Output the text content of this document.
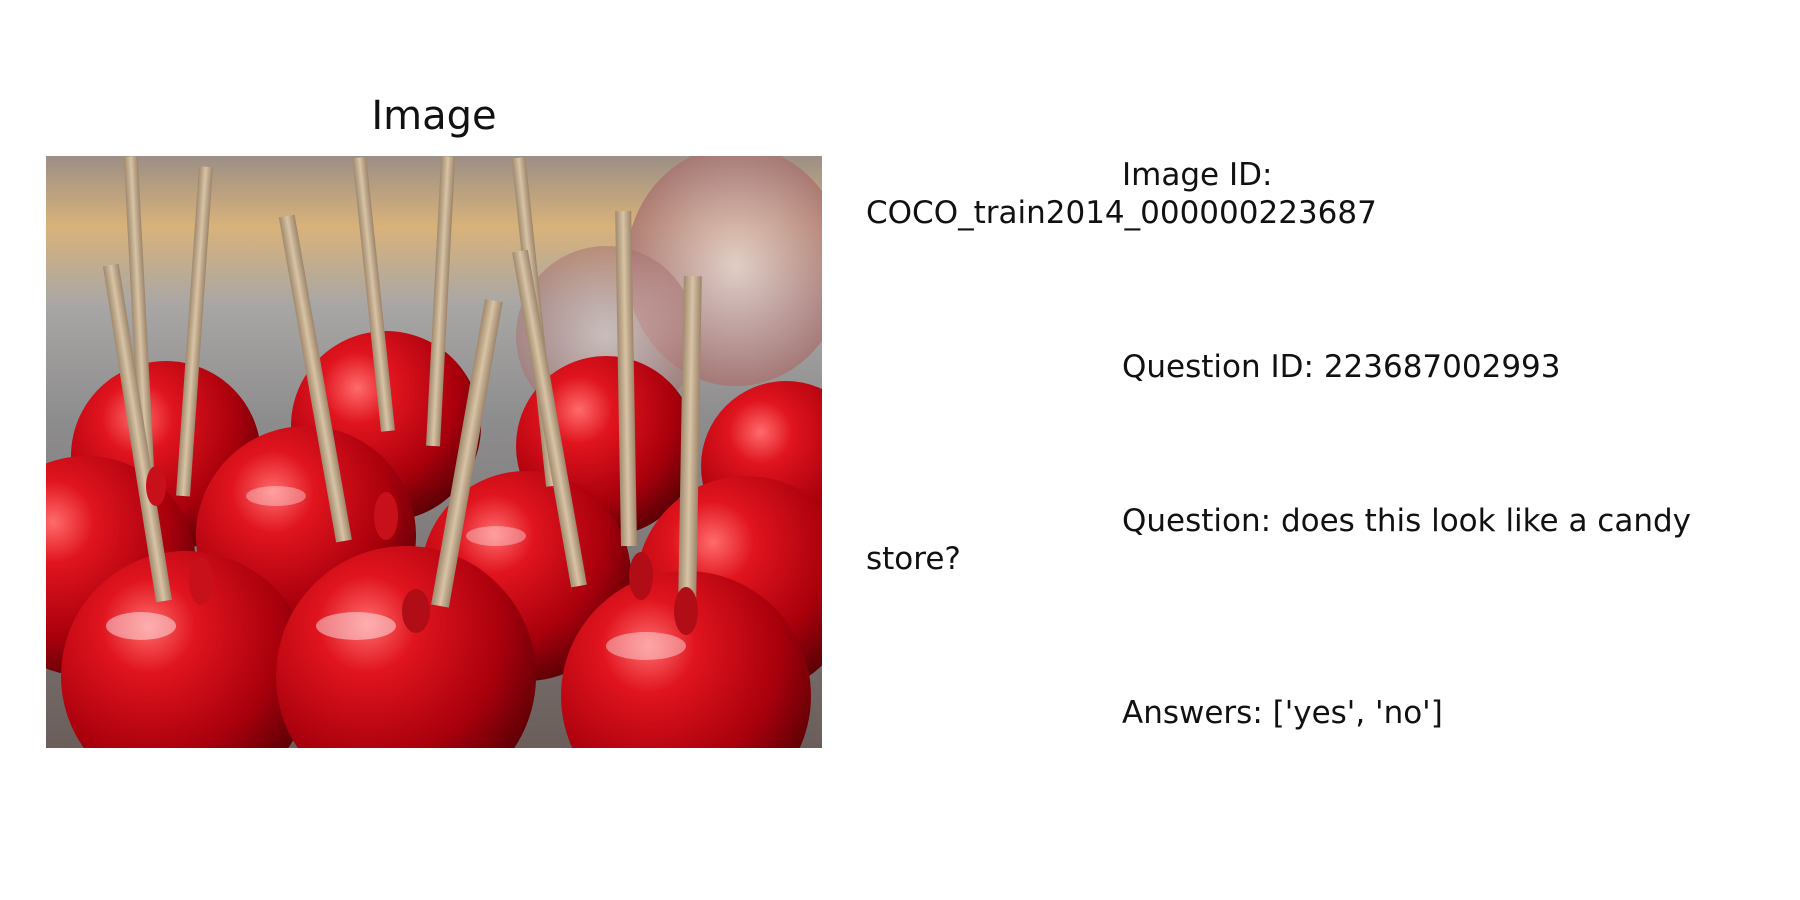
Image

Image ID:
COCO_train2014_000000223687

Question ID: 223687002993

Question: does this look like a candy
store?

Answers: ['yes', 'no']
